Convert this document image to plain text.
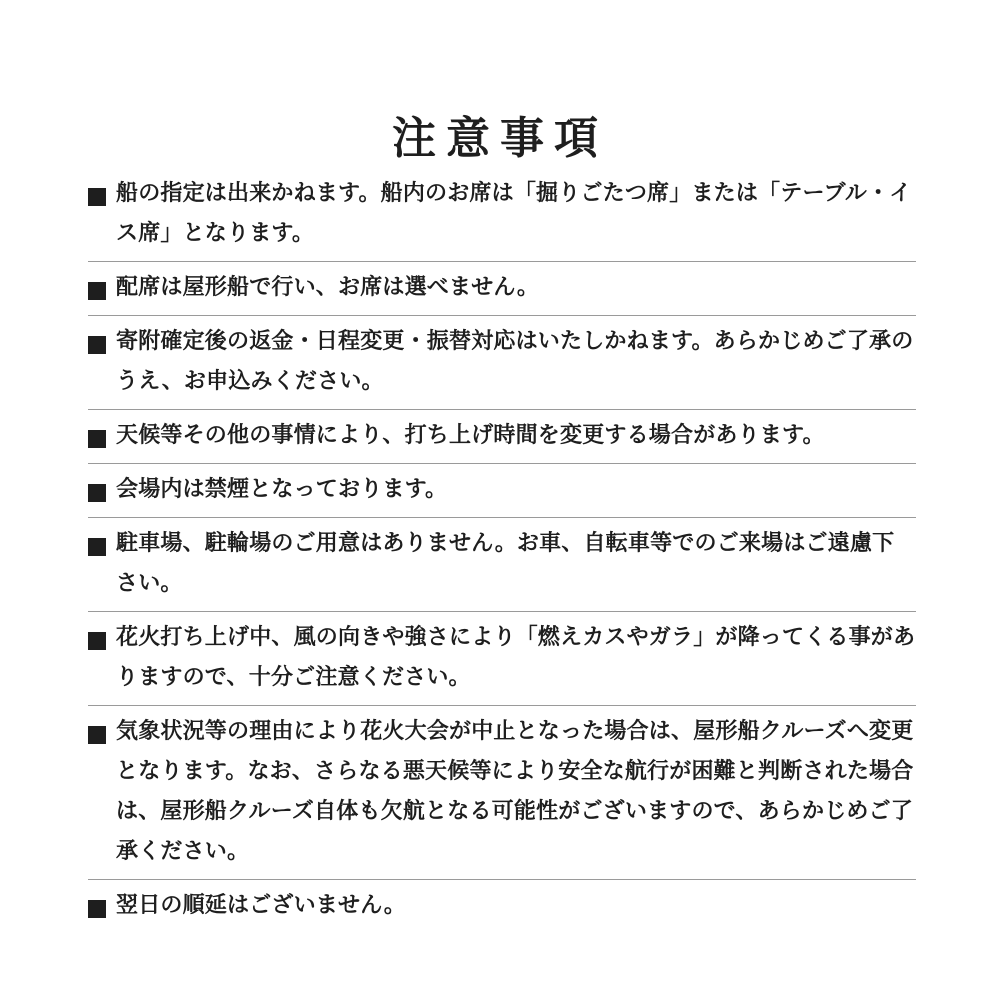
注意事項
船の指定は出来かねます。船内のお席は「掘りごたつ席」または「テーブル・イス席」となります。
配席は屋形船で行い、お席は選べません。
寄附確定後の返金・日程変更・振替対応はいたしかねます。あらかじめご了承のうえ、お申込みください。
天候等その他の事情により、打ち上げ時間を変更する場合があります。
会場内は禁煙となっております。
駐車場、駐輪場のご用意はありません。お車、自転車等でのご来場はご遠慮下さい。
花火打ち上げ中、風の向きや強さにより「燃えカスやガラ」が降ってくる事がありますので、十分ご注意ください。
気象状況等の理由により花火大会が中止となった場合は、屋形船クルーズへ変更となります。なお、さらなる悪天候等により安全な航行が困難と判断された場合は、屋形船クルーズ自体も欠航となる可能性がございますので、あらかじめご了承ください。
翌日の順延はございません。
